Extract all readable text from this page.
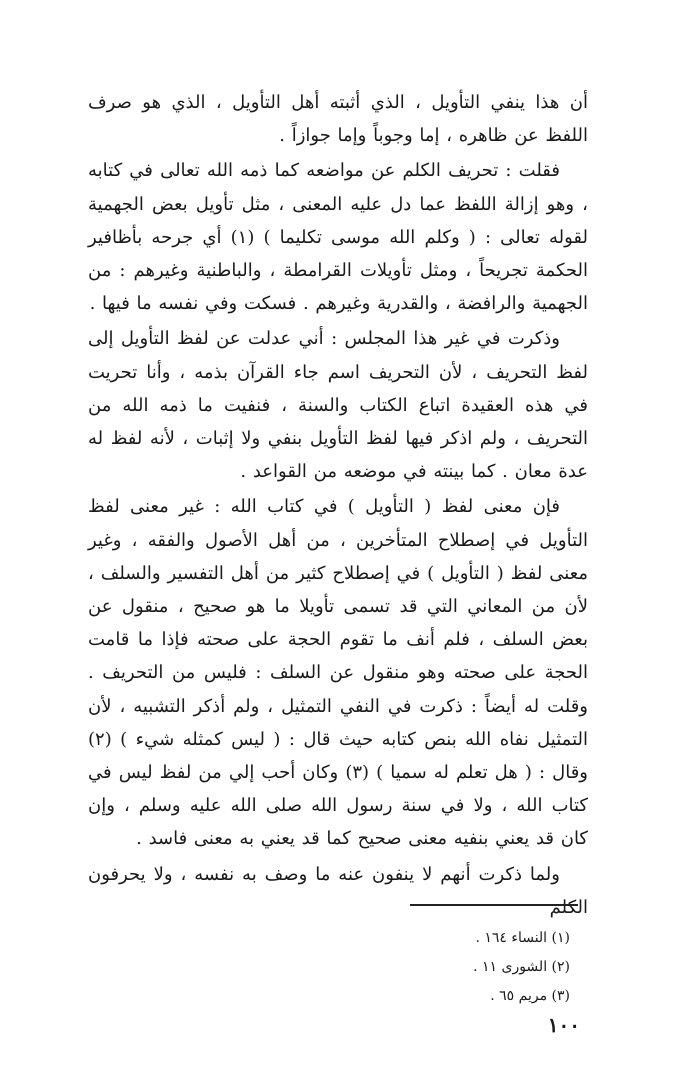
أن هذا ينفي التأويل ، الذي أثبته أهل التأويل ، الذي هو صرف اللفظ عن ظاهره ، إما وجوباً وإما جوازاً .

فقلت : تحريف الكلم عن مواضعه كما ذمه الله تعالى في كتابه ، وهو إزالة اللفظ عما دل عليه المعنى ، مثل تأويل بعض الجهمية لقوله تعالى : ( وكلم الله موسى تكليما ) (١) أي جرحه بأظافير الحكمة تجريحاً ، ومثل تأويلات القرامطة ، والباطنية وغيرهم : من الجهمية والرافضة ، والقدرية وغيرهم . فسكت وفي نفسه ما فيها .

وذكرت في غير هذا المجلس : أني عدلت عن لفظ التأويل إلى لفظ التحريف ، لأن التحريف اسم جاء القرآن بذمه ، وأنا تحريت في هذه العقيدة اتباع الكتاب والسنة ، فنفيت ما ذمه الله من التحريف ، ولم اذكر فيها لفظ التأويل بنفي ولا إثبات ، لأنه لفظ له عدة معان . كما بينته في موضعه من القواعد .

فإن معنى لفظ ( التأويل ) في كتاب الله : غير معنى لفظ التأويل في إصطلاح المتأخرين ، من أهل الأصول والفقه ، وغير معنى لفظ ( التأويل ) في إصطلاح كثير من أهل التفسير والسلف ، لأن من المعاني التي قد تسمى تأويلا ما هو صحيح ، منقول عن بعض السلف ، فلم أنف ما تقوم الحجة على صحته فإذا ما قامت الحجة على صحته وهو منقول عن السلف : فليس من التحريف . وقلت له أيضاً : ذكرت في النفي التمثيل ، ولم أذكر التشبيه ، لأن التمثيل نفاه الله بنص كتابه حيث قال : ( ليس كمثله شيء ) (٢) وقال : ( هل تعلم له سميا ) (٣) وكان أحب إلي من لفظ ليس في كتاب الله ، ولا في سنة رسول الله صلى الله عليه وسلم ، وإن كان قد يعني بنفيه معنى صحيح كما قد يعني به معنى فاسد .

ولما ذكرت أنهم لا ينفون عنه ما وصف به نفسه ، ولا يحرفون الكلم

(١) النساء ١٦٤ .
(٢) الشورى ١١ .
(٣) مريم ٦٥ .
١٠٠
